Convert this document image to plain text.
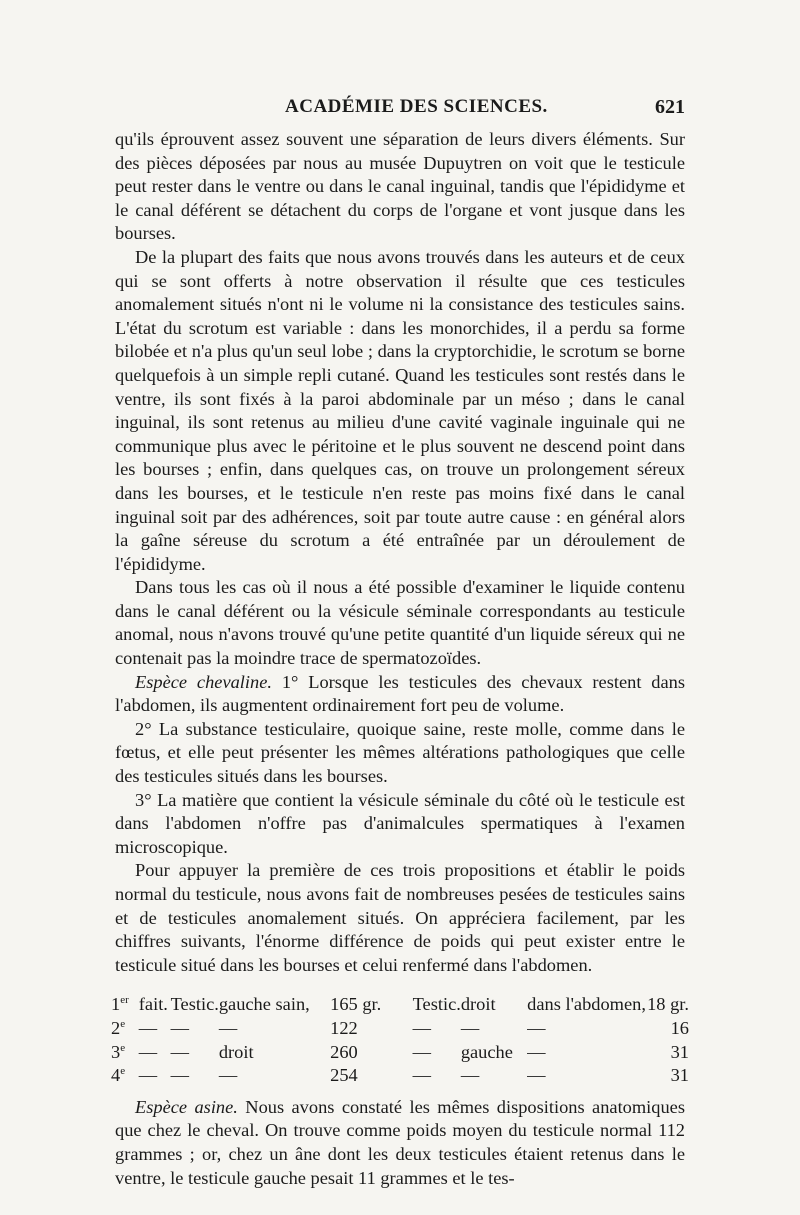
ACADÉMIE DES SCIENCES.	621

qu'ils éprouvent assez souvent une séparation de leurs divers éléments. Sur des pièces déposées par nous au musée Dupuytren on voit que le testicule peut rester dans le ventre ou dans le canal inguinal, tandis que l'épididyme et le canal déférent se détachent du corps de l'organe et vont jusque dans les bourses.

De la plupart des faits que nous avons trouvés dans les auteurs et de ceux qui se sont offerts à notre observation il résulte que ces testicules anomalement situés n'ont ni le volume ni la consistance des testicules sains. L'état du scrotum est variable : dans les monorchides, il a perdu sa forme bilobée et n'a plus qu'un seul lobe ; dans la cryptorchidie, le scrotum se borne quelquefois à un simple repli cutané. Quand les testicules sont restés dans le ventre, ils sont fixés à la paroi abdominale par un méso ; dans le canal inguinal, ils sont retenus au milieu d'une cavité vaginale inguinale qui ne communique plus avec le péritoine et le plus souvent ne descend point dans les bourses ; enfin, dans quelques cas, on trouve un prolongement séreux dans les bourses, et le testicule n'en reste pas moins fixé dans le canal inguinal soit par des adhérences, soit par toute autre cause : en général alors la gaîne séreuse du scrotum a été entraînée par un déroulement de l'épididyme.

Dans tous les cas où il nous a été possible d'examiner le liquide contenu dans le canal déférent ou la vésicule séminale correspondants au testicule anomal, nous n'avons trouvé qu'une petite quantité d'un liquide séreux qui ne contenait pas la moindre trace de spermatozoïdes.

Espèce chevaline. 1° Lorsque les testicules des chevaux restent dans l'abdomen, ils augmentent ordinairement fort peu de volume.

2° La substance testiculaire, quoique saine, reste molle, comme dans le fœtus, et elle peut présenter les mêmes altérations pathologiques que celle des testicules situés dans les bourses.

3° La matière que contient la vésicule séminale du côté où le testicule est dans l'abdomen n'offre pas d'animalcules spermatiques à l'examen microscopique.

Pour appuyer la première de ces trois propositions et établir le poids normal du testicule, nous avons fait de nombreuses pesées de testicules sains et de testicules anomalement situés. On appréciera facilement, par les chiffres suivants, l'énorme différence de poids qui peut exister entre le testicule situé dans les bourses et celui renfermé dans l'abdomen.

1er	fait.	Testic.	gauche sain,	165 gr.	Testic.	droit	dans l'abdomen,	18 gr.
2e	—	—	—	122	—	—	—	16
3e	—	—	droit	260	—	gauche	—	31
4e	—	—	—	254	—	—	—	31

Espèce asine. Nous avons constaté les mêmes dispositions anatomiques que chez le cheval. On trouve comme poids moyen du testicule normal 112 grammes ; or, chez un âne dont les deux testicules étaient retenus dans le ventre, le testicule gauche pesait 11 grammes et le tes-
